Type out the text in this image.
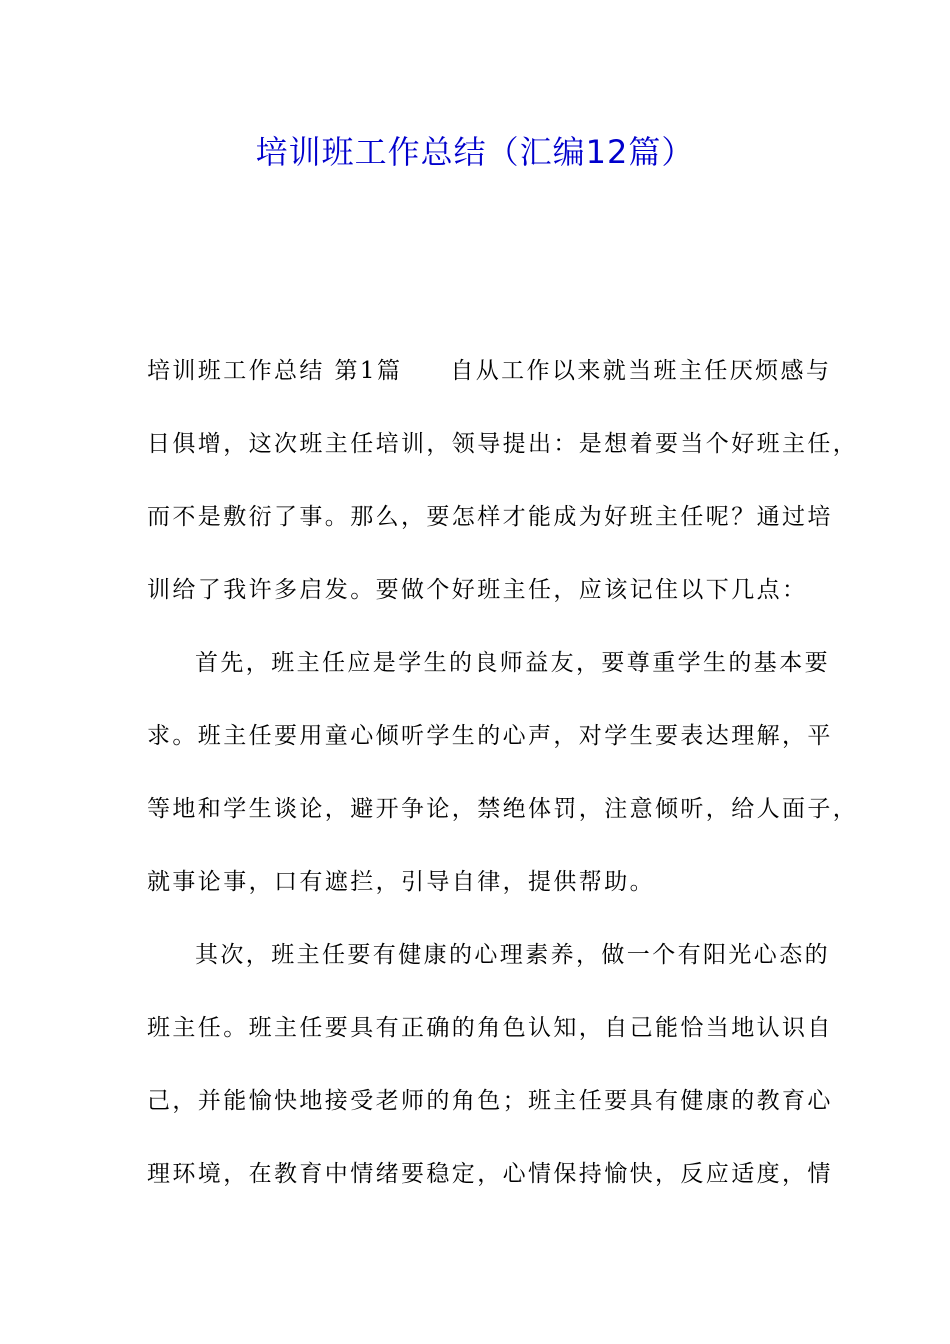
培训班工作总结（汇编12篇）
培训班工作总结 第1篇 自从工作以来就当班主任厌烦感与
日俱增，这次班主任培训，领导提出：是想着要当个好班主任，
而不是敷衍了事。那么，要怎样才能成为好班主任呢？通过培
训给了我许多启发。要做个好班主任，应该记住以下几点：
首先，班主任应是学生的良师益友，要尊重学生的基本要
求。班主任要用童心倾听学生的心声，对学生要表达理解，平
等地和学生谈论，避开争论，禁绝体罚，注意倾听，给人面子，
就事论事，口有遮拦，引导自律，提供帮助。
其次，班主任要有健康的心理素养，做一个有阳光心态的
班主任。班主任要具有正确的角色认知，自己能恰当地认识自
己，并能愉快地接受老师的角色；班主任要具有健康的教育心
理环境，在教育中情绪要稳定，心情保持愉快，反应适度，情
